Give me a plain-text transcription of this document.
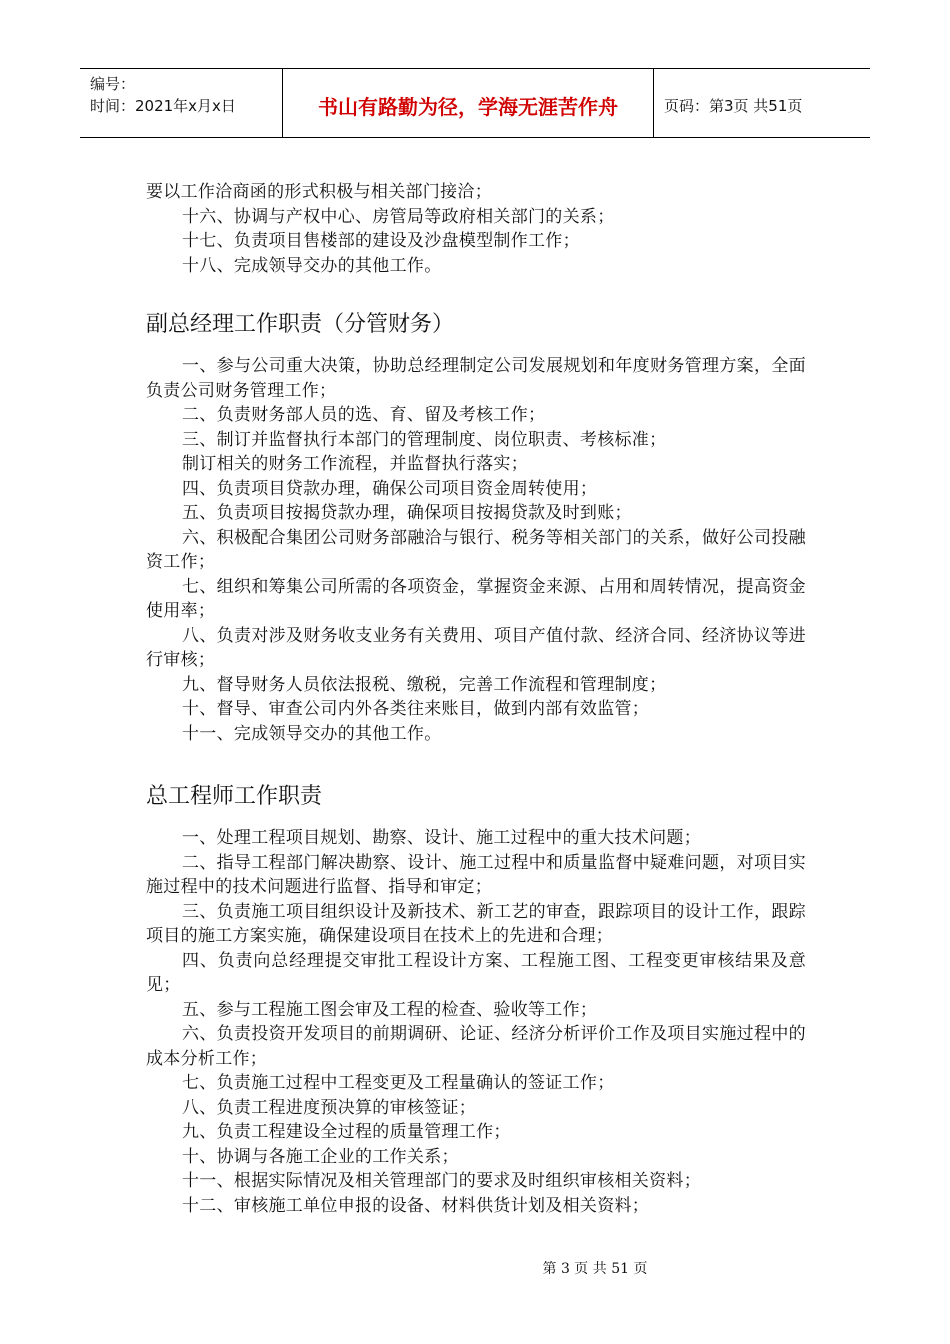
编号：
时间：2021年x月x日	书山有路勤为径，学海无涯苦作舟	页码：第3页 共51页

要以工作洽商函的形式积极与相关部门接洽；

十六、协调与产权中心、房管局等政府相关部门的关系；

十七、负责项目售楼部的建设及沙盘模型制作工作；

十八、完成领导交办的其他工作。

副总经理工作职责（分管财务）

一、参与公司重大决策，协助总经理制定公司发展规划和年度财务管理方案，全面负责公司财务管理工作；

二、负责财务部人员的选、育、留及考核工作；

三、制订并监督执行本部门的管理制度、岗位职责、考核标准；

制订相关的财务工作流程，并监督执行落实；

四、负责项目贷款办理，确保公司项目资金周转使用；

五、负责项目按揭贷款办理，确保项目按揭贷款及时到账；

六、积极配合集团公司财务部融洽与银行、税务等相关部门的关系，做好公司投融资工作；

七、组织和筹集公司所需的各项资金，掌握资金来源、占用和周转情况，提高资金使用率；

八、负责对涉及财务收支业务有关费用、项目产值付款、经济合同、经济协议等进行审核；

九、督导财务人员依法报税、缴税，完善工作流程和管理制度；

十、督导、审查公司内外各类往来账目，做到内部有效监管；

十一、完成领导交办的其他工作。

总工程师工作职责

一、处理工程项目规划、勘察、设计、施工过程中的重大技术问题；

二、指导工程部门解决勘察、设计、施工过程中和质量监督中疑难问题，对项目实施过程中的技术问题进行监督、指导和审定；

三、负责施工项目组织设计及新技术、新工艺的审查，跟踪项目的设计工作，跟踪项目的施工方案实施，确保建设项目在技术上的先进和合理；

四、负责向总经理提交审批工程设计方案、工程施工图、工程变更审核结果及意见；

五、参与工程施工图会审及工程的检查、验收等工作；

六、负责投资开发项目的前期调研、论证、经济分析评价工作及项目实施过程中的成本分析工作；

七、负责施工过程中工程变更及工程量确认的签证工作；

八、负责工程进度预决算的审核签证；

九、负责工程建设全过程的质量管理工作；

十、协调与各施工企业的工作关系；

十一、根据实际情况及相关管理部门的要求及时组织审核相关资料；

十二、审核施工单位申报的设备、材料供货计划及相关资料；

第 3 页 共 51 页
